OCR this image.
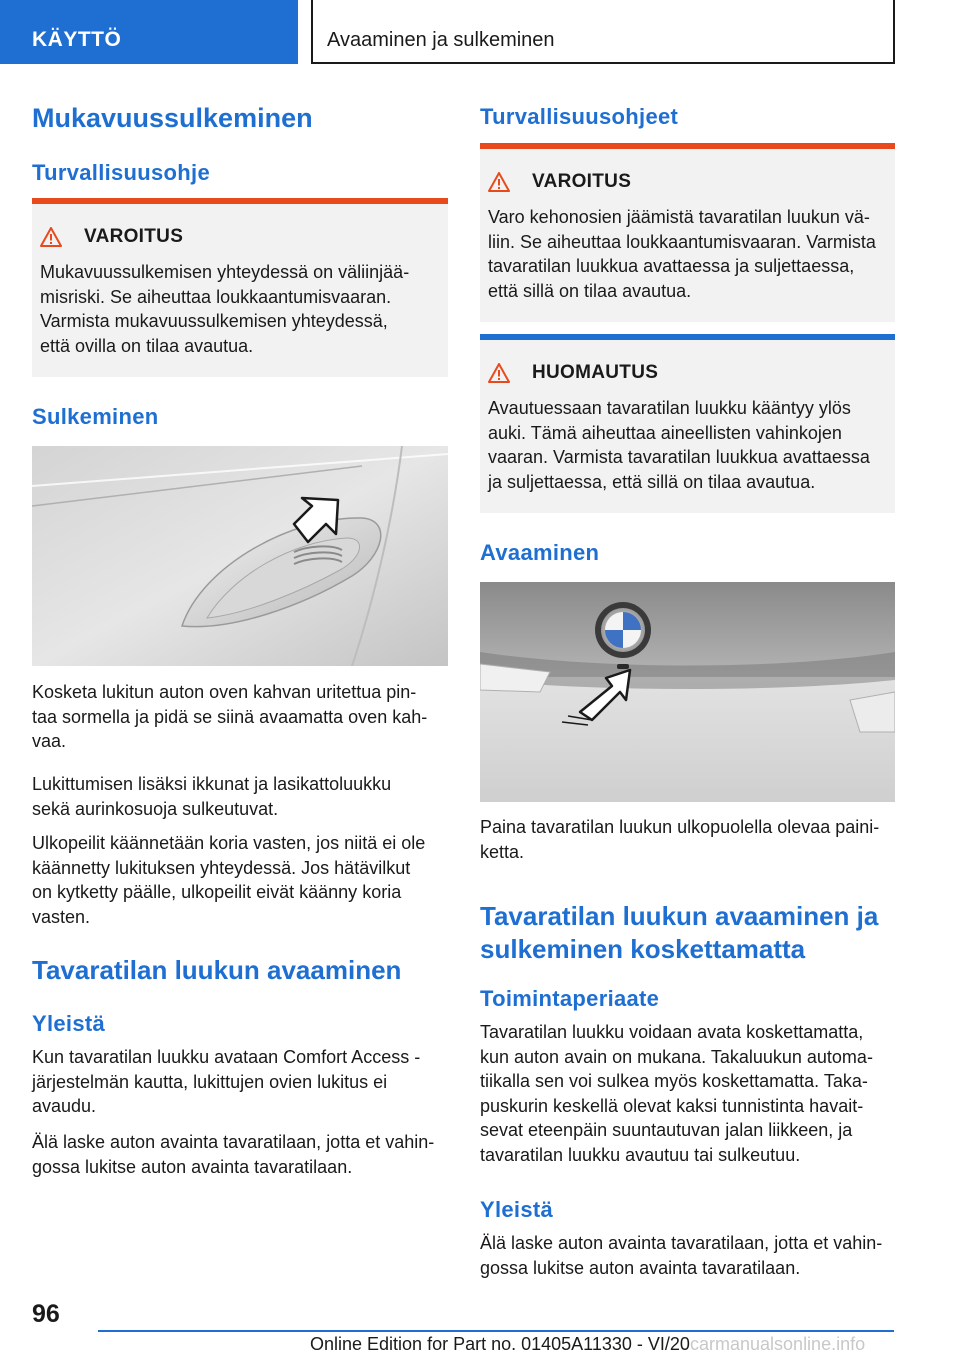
KÄYTTÖ	Avaaminen ja sulkeminen
Mukavuussulkeminen
Turvallisuusohje
VAROITUS
Mukavuussulkemisen yhteydessä on väliinjää-
misriski. Se aiheuttaa loukkaantumisvaaran.
Varmista mukavuussulkemisen yhteydessä,
että ovilla on tilaa avautua.
Sulkeminen
Kosketa lukitun auton oven kahvan uritettua pin-
taa sormella ja pidä se siinä avaamatta oven kah-
vaa.
Lukittumisen lisäksi ikkunat ja lasikattoluukku
sekä aurinkosuoja sulkeutuvat.
Ulkopeilit käännetään koria vasten, jos niitä ei ole
käännetty lukituksen yhteydessä. Jos hätävilkut
on kytketty päälle, ulkopeilit eivät käänny koria
vasten.
Tavaratilan luukun avaaminen
Yleistä
Kun tavaratilan luukku avataan Comfort Access -
järjestelmän kautta, lukittujen ovien lukitus ei
avaudu.
Älä laske auton avainta tavaratilaan, jotta et vahin-
gossa lukitse auton avainta tavaratilaan.
Turvallisuusohjeet
VAROITUS
Varo kehonosien jäämistä tavaratilan luukun vä-
liin. Se aiheuttaa loukkaantumisvaaran. Varmista
tavaratilan luukkua avattaessa ja suljettaessa,
että sillä on tilaa avautua.
HUOMAUTUS
Avautuessaan tavaratilan luukku kääntyy ylös
auki. Tämä aiheuttaa aineellisten vahinkojen
vaaran. Varmista tavaratilan luukkua avattaessa
ja suljettaessa, että sillä on tilaa avautua.
Avaaminen
Paina tavaratilan luukun ulkopuolella olevaa paini-
ketta.
Tavaratilan luukun avaaminen ja
sulkeminen koskettamatta
Toimintaperiaate
Tavaratilan luukku voidaan avata koskettamatta,
kun auton avain on mukana. Takaluukun automa-
tiikalla sen voi sulkea myös koskettamatta. Taka-
puskurin keskellä olevat kaksi tunnistinta havait-
sevat eteenpäin suuntautuvan jalan liikkeen, ja
tavaratilan luukku avautuu tai sulkeutuu.
Yleistä
Älä laske auton avainta tavaratilaan, jotta et vahin-
gossa lukitse auton avainta tavaratilaan.
96
Online Edition for Part no. 01405A11330 - VI/20 carmanualsonline.info
